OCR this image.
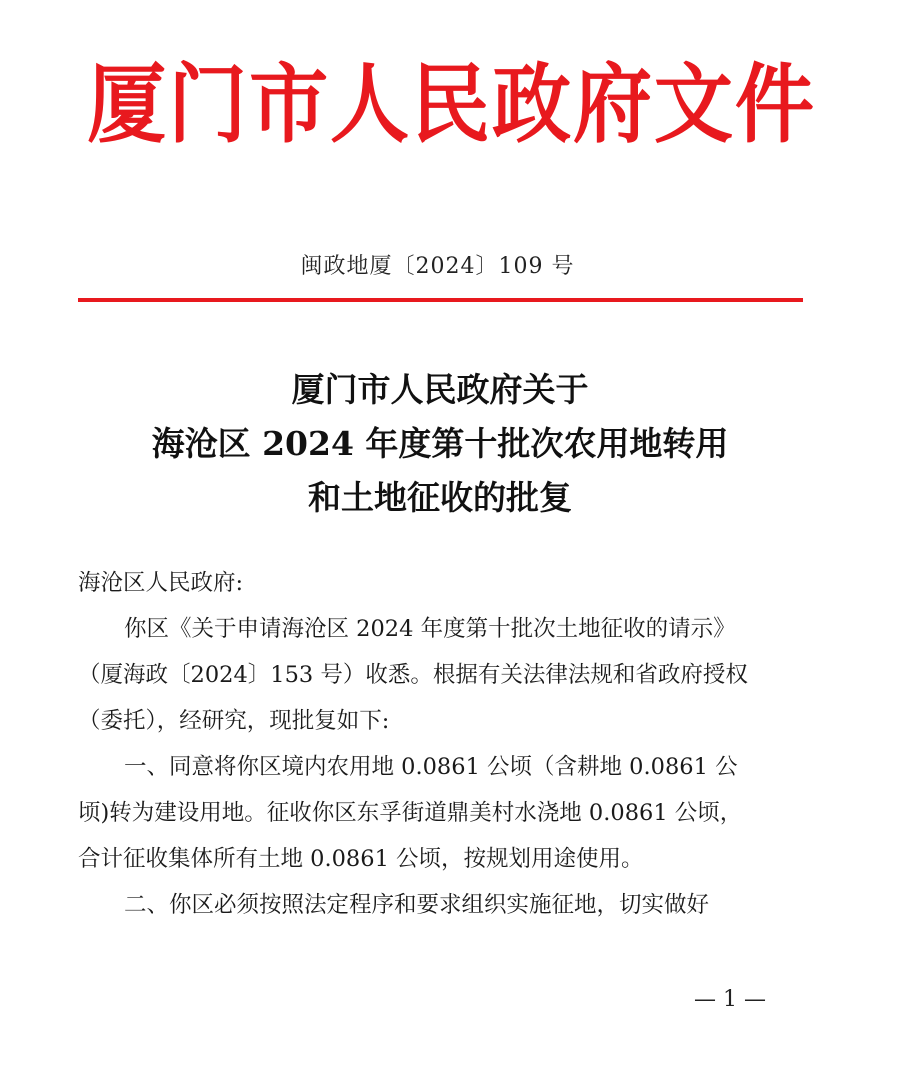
厦门市人民政府文件
闽政地厦〔2024〕109 号
厦门市人民政府关于
海沧区 2024 年度第十批次农用地转用
和土地征收的批复

海沧区人民政府:

你区《关于申请海沧区 2024 年度第十批次土地征收的请示》

（厦海政〔2024〕153 号）收悉。根据有关法律法规和省政府授权

（委托），经研究，现批复如下:

一、同意将你区境内农用地 0.0861 公顷（含耕地 0.0861 公

顷)转为建设用地。征收你区东孚街道鼎美村水浇地 0.0861 公顷，

合计征收集体所有土地 0.0861 公顷，按规划用途使用。

二、你区必须按照法定程序和要求组织实施征地，切实做好

— 1 —
